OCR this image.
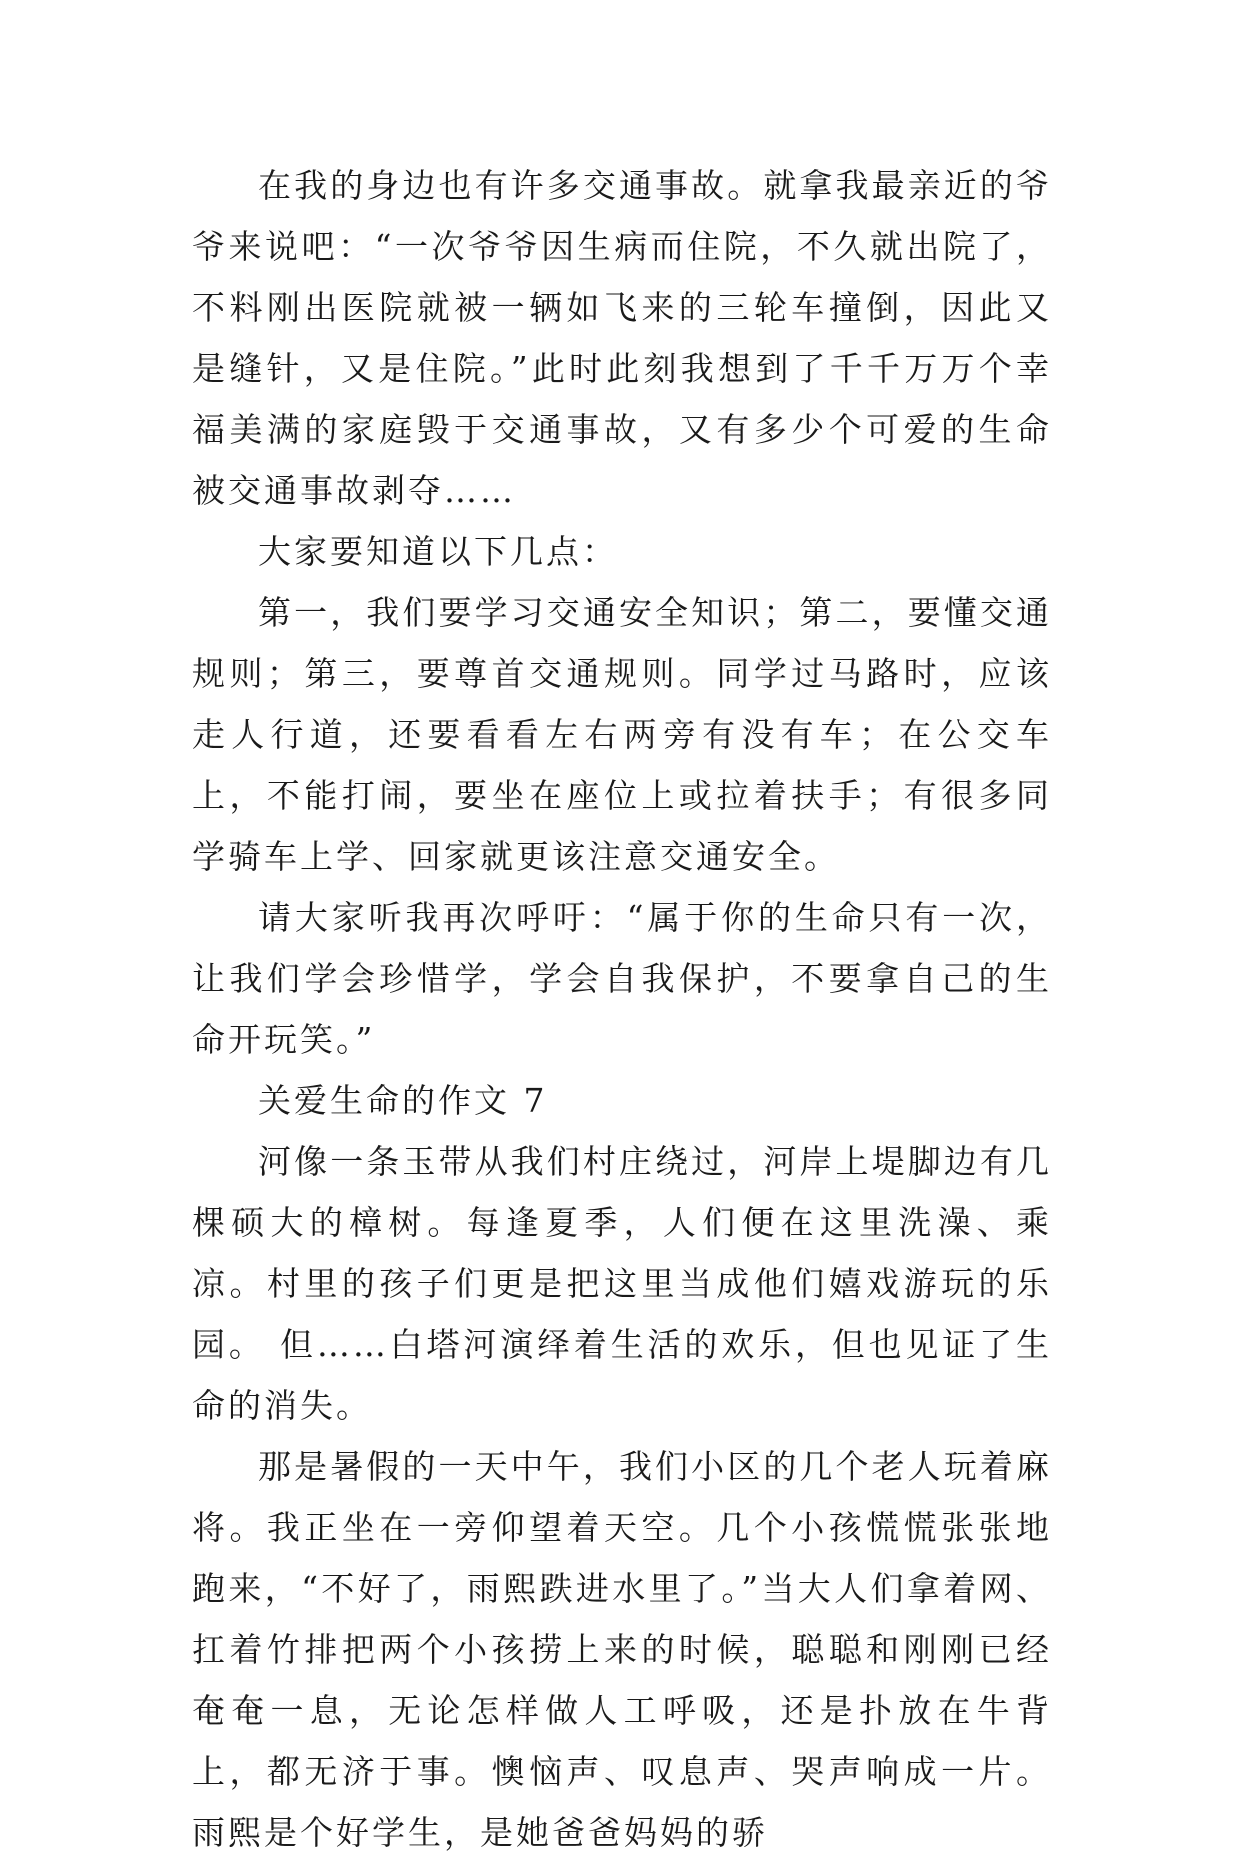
在我的身边也有许多交通事故。就拿我最亲近的爷爷来说吧：“一次爷爷因生病而住院，不久就出院了，不料刚出医院就被一辆如飞来的三轮车撞倒，因此又是缝针，又是住院。”此时此刻我想到了千千万万个幸福美满的家庭毁于交通事故，又有多少个可爱的生命被交通事故剥夺……

大家要知道以下几点：

第一，我们要学习交通安全知识；第二，要懂交通规则；第三，要尊首交通规则。同学过马路时，应该走人行道，还要看看左右两旁有没有车；在公交车上，不能打闹，要坐在座位上或拉着扶手；有很多同学骑车上学、回家就更该注意交通安全。

请大家听我再次呼吁：“属于你的生命只有一次，让我们学会珍惜学，学会自我保护，不要拿自己的生命开玩笑。”

关爱生命的作文 7

河像一条玉带从我们村庄绕过，河岸上堤脚边有几棵硕大的樟树。每逢夏季，人们便在这里洗澡、乘凉。村里的孩子们更是把这里当成他们嬉戏游玩的乐园。 但……白塔河演绎着生活的欢乐，但也见证了生命的消失。

那是暑假的一天中午，我们小区的几个老人玩着麻将。我正坐在一旁仰望着天空。几个小孩慌慌张张地跑来，“不好了，雨熙跌进水里了。”当大人们拿着网、扛着竹排把两个小孩捞上来的时候，聪聪和刚刚已经奄奄一息，无论怎样做人工呼吸，还是扑放在牛背上，都无济于事。懊恼声、叹息声、哭声响成一片。雨熙是个好学生，是她爸爸妈妈的骄
